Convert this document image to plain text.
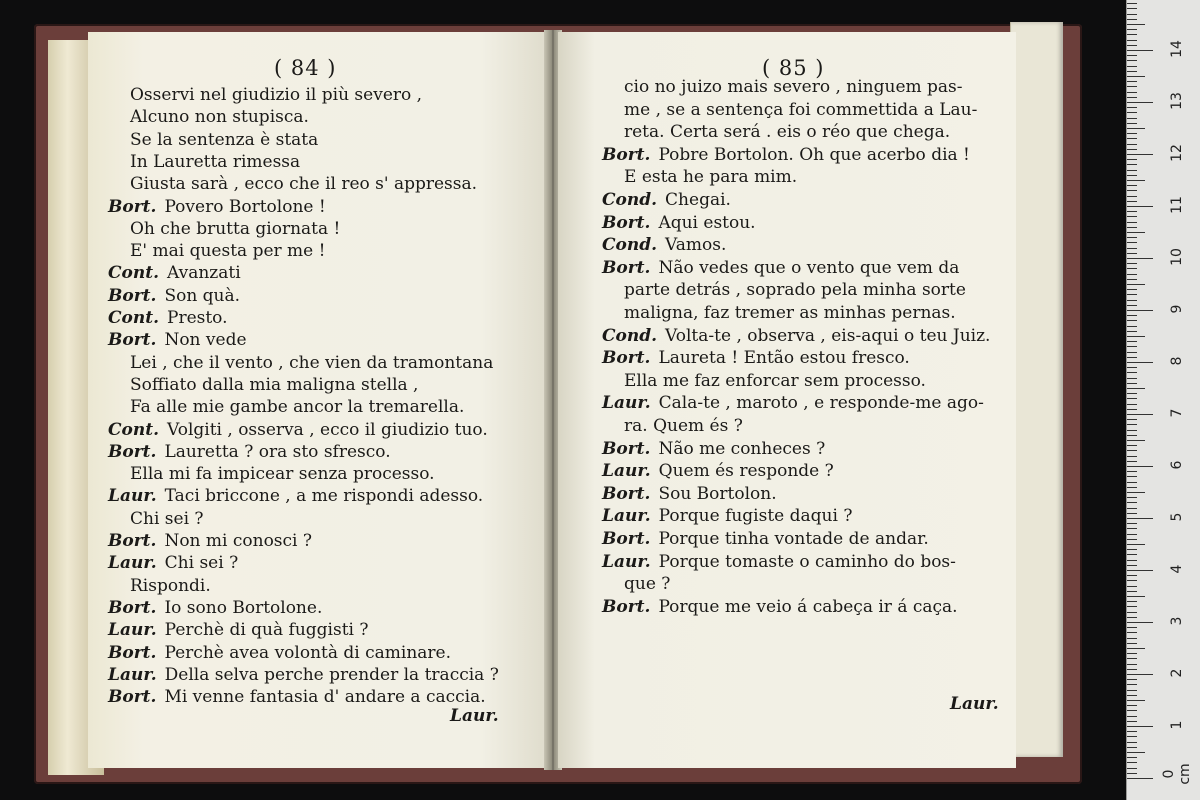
( 84 )
Osservi nel giudizio il più severo ,
Alcuno non stupisca.
Se la sentenza è stata
In Lauretta rimessa
Giusta sarà , ecco che il reo s' appressa.
Bort. Povero Bortolone !
Oh che brutta giornata !
E' mai questa per me !
Cont. Avanzati
Bort. Son quà.
Cont. Presto.
Bort. Non vede
Lei , che il vento , che vien da tramontana
Soffiato dalla mia maligna stella ,
Fa alle mie gambe ancor la tremarella.
Cont. Volgiti , osserva , ecco il giudizio tuo.
Bort. Lauretta ? ora sto sfresco.
Ella mi fa impicear senza processo.
Laur. Taci briccone , a me rispondi adesso.
Chi sei ?
Bort. Non mi conosci ?
Laur. Chi sei ?
Rispondi.
Bort. Io sono Bortolone.
Laur. Perchè di quà fuggisti ?
Bort. Perchè avea volontà di caminare.
Laur. Della selva perche prender la traccia ?
Bort. Mi venne fantasia d' andare a caccia.
Laur.
( 85 )
cio no juizo mais severo , ninguem pas-
me , se a sentença foi commettida a Lau-
reta. Certa será . eis o réo que chega.
Bort. Pobre Bortolon. Oh que acerbo dia !
E esta he para mim.
Cond. Chegai.
Bort. Aqui estou.
Cond. Vamos.
Bort. Não vedes que o vento que vem da
parte detrás , soprado pela minha sorte
maligna, faz tremer as minhas pernas.
Cond. Volta-te , observa , eis-aqui o teu Juiz.
Bort. Laureta ! Então estou fresco.
Ella me faz enforcar sem processo.
Laur. Cala-te , maroto , e responde-me ago-
ra. Quem és ?
Bort. Não me conheces ?
Laur. Quem és responde ?
Bort. Sou Bortolon.
Laur. Porque fugiste daqui ?
Bort. Porque tinha vontade de andar.
Laur. Porque tomaste o caminho do bos-
que ?
Bort. Porque me veio á cabeça ir á caça.
Laur.
1
2
3
4
5
6
7
8
9
10
11
12
13
14
0 cm
